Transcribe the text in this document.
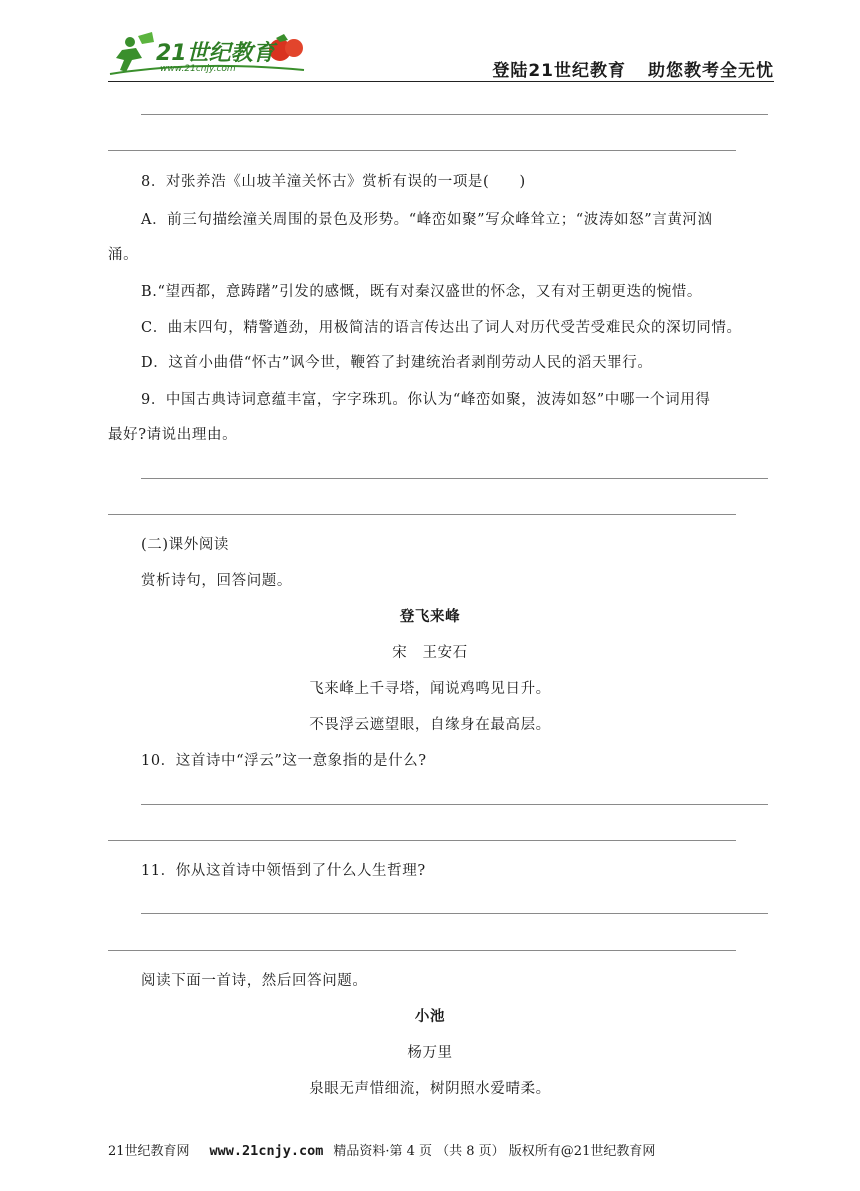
21世纪教育
www.21cnjy.com	登陆21世纪教育 助您教考全无忧
8．对张养浩《山坡羊潼关怀古》赏析有误的一项是(　　)
A．前三句描绘潼关周围的景色及形势。“峰峦如聚”写众峰耸立；“波涛如怒”言黄河汹
涌。
B.“望西都，意踌躇”引发的感慨，既有对秦汉盛世的怀念，又有对王朝更迭的惋惜。
C．曲末四句，精警遒劲，用极简洁的语言传达出了词人对历代受苦受难民众的深切同情。
D．这首小曲借“怀古”讽今世，鞭笞了封建统治者剥削劳动人民的滔天罪行。
9．中国古典诗词意蕴丰富，字字珠玑。你认为“峰峦如聚，波涛如怒”中哪一个词用得
最好?请说出理由。
(二)课外阅读
赏析诗句，回答问题。
登飞来峰
宋　王安石
飞来峰上千寻塔，闻说鸡鸣见日升。
不畏浮云遮望眼，自缘身在最高层。
10．这首诗中“浮云”这一意象指的是什么?
11．你从这首诗中领悟到了什么人生哲理?
阅读下面一首诗，然后回答问题。
小池
杨万里
泉眼无声惜细流，树阴照水爱晴柔。
21世纪教育网 www.21cnjy.com 精品资料·第 4 页 （共 8 页） 版权所有@21世纪教育网
